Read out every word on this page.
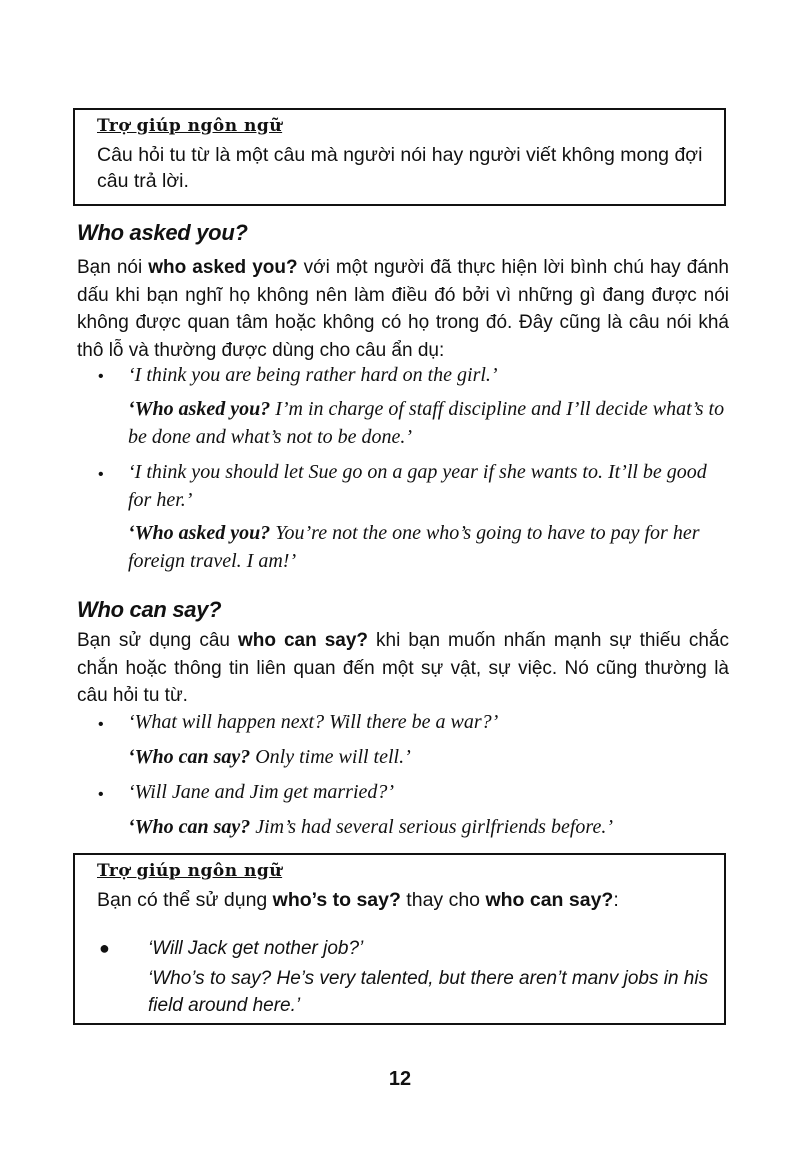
Trợ giúp ngôn ngữ
Câu hỏi tu từ là một câu mà người nói hay người viết không mong đợi câu trả lời.
Who asked you?

Bạn nói who asked you? với một người đã thực hiện lời bình chú hay đánh dấu khi bạn nghĩ họ không nên làm điều đó bởi vì những gì đang được nói không được quan tâm hoặc không có họ trong đó. Đây cũng là câu nói khá thô lỗ và thường được dùng cho câu ẩn dụ:

• ‘I think you are being rather hard on the girl.’

‘Who asked you? I’m in charge of staff discipline and I’ll decide what’s to be done and what’s not to be done.’

• ‘I think you should let Sue go on a gap year if she wants to. It’ll be good for her.’

‘Who asked you? You’re not the one who’s going to have to pay for her foreign travel. I am!’

Who can say?

Bạn sử dụng câu who can say? khi bạn muốn nhấn mạnh sự thiếu chắc chắn hoặc thông tin liên quan đến một sự vật, sự việc. Nó cũng thường là câu hỏi tu từ.

• ‘What will happen next? Will there be a war?’

‘Who can say? Only time will tell.’

• ‘Will Jane and Jim get married?’

‘Who can say? Jim’s had several serious girlfriends before.’

Trợ giúp ngôn ngữ
Bạn có thể sử dụng who’s to say? thay cho who can say?:
● ‘Will Jack get nother job?’

‘Who’s to say? He’s very talented, but there aren’t manv jobs in his field around here.’

12
